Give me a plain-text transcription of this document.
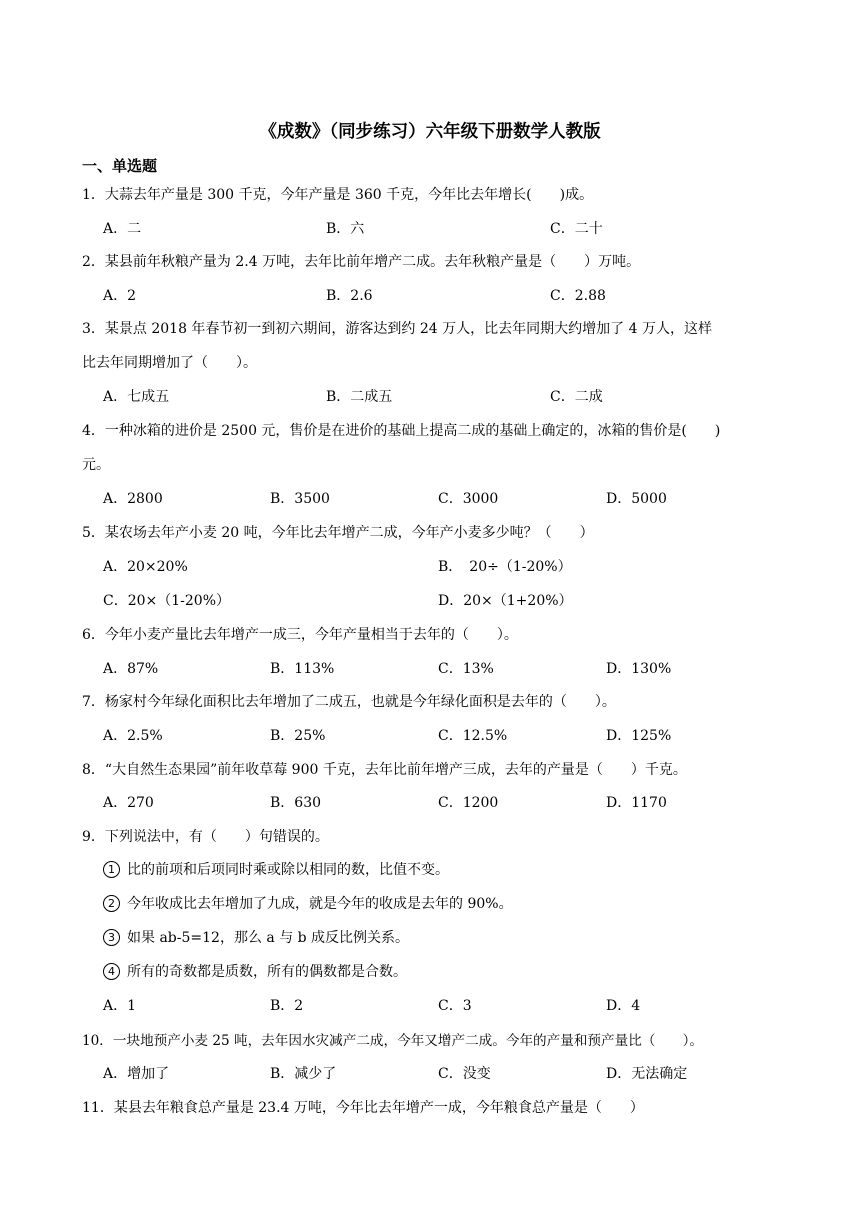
《成数》（同步练习）六年级下册数学人教版
一、单选题
1．大蒜去年产量是 300 千克，今年产量是 360 千克，今年比去年增长(　　)成。
A．二	B．六	C．二十
2．某县前年秋粮产量为 2.4 万吨，去年比前年增产二成。去年秋粮产量是（　　）万吨。
A．2	B．2.6	C．2.88
3．某景点 2018 年春节初一到初六期间，游客达到约 24 万人，比去年同期大约增加了 4 万人，这样
比去年同期增加了（　　）。
A．七成五	B．二成五	C．二成
4．一种冰箱的进价是 2500 元，售价是在进价的基础上提高二成的基础上确定的，冰箱的售价是(　　)
元。
A．2800	B．3500	C．3000	D．5000
5．某农场去年产小麦 20 吨，今年比去年增产二成，今年产小麦多少吨？（　　）
A．20×20%	B．　20÷（1-20%）
C．20×（1-20%）	D．20×（1+20%）
6．今年小麦产量比去年增产一成三，今年产量相当于去年的（　　）。
A．87%	B．113%	C．13%	D．130%
7．杨家村今年绿化面积比去年增加了二成五，也就是今年绿化面积是去年的（　　）。
A．2.5%	B．25%	C．12.5%	D．125%
8．“大自然生态果园”前年收草莓 900 千克，去年比前年增产三成，去年的产量是（　　）千克。
A．270	B．630	C．1200	D．1170
9．下列说法中，有（　　）句错误的。
1 比的前项和后项同时乘或除以相同的数，比值不变。
2 今年收成比去年增加了九成，就是今年的收成是去年的 90%。
3 如果 ab-5=12，那么 a 与 b 成反比例关系。
4 所有的奇数都是质数，所有的偶数都是合数。
A．1	B．2	C．3	D．4
10．一块地预产小麦 25 吨，去年因水灾减产二成，今年又增产二成。今年的产量和预产量比（　　）。
A．增加了	B．减少了	C．没变	D．无法确定
11．某县去年粮食总产量是 23.4 万吨，今年比去年增产一成，今年粮食总产量是（　　）
